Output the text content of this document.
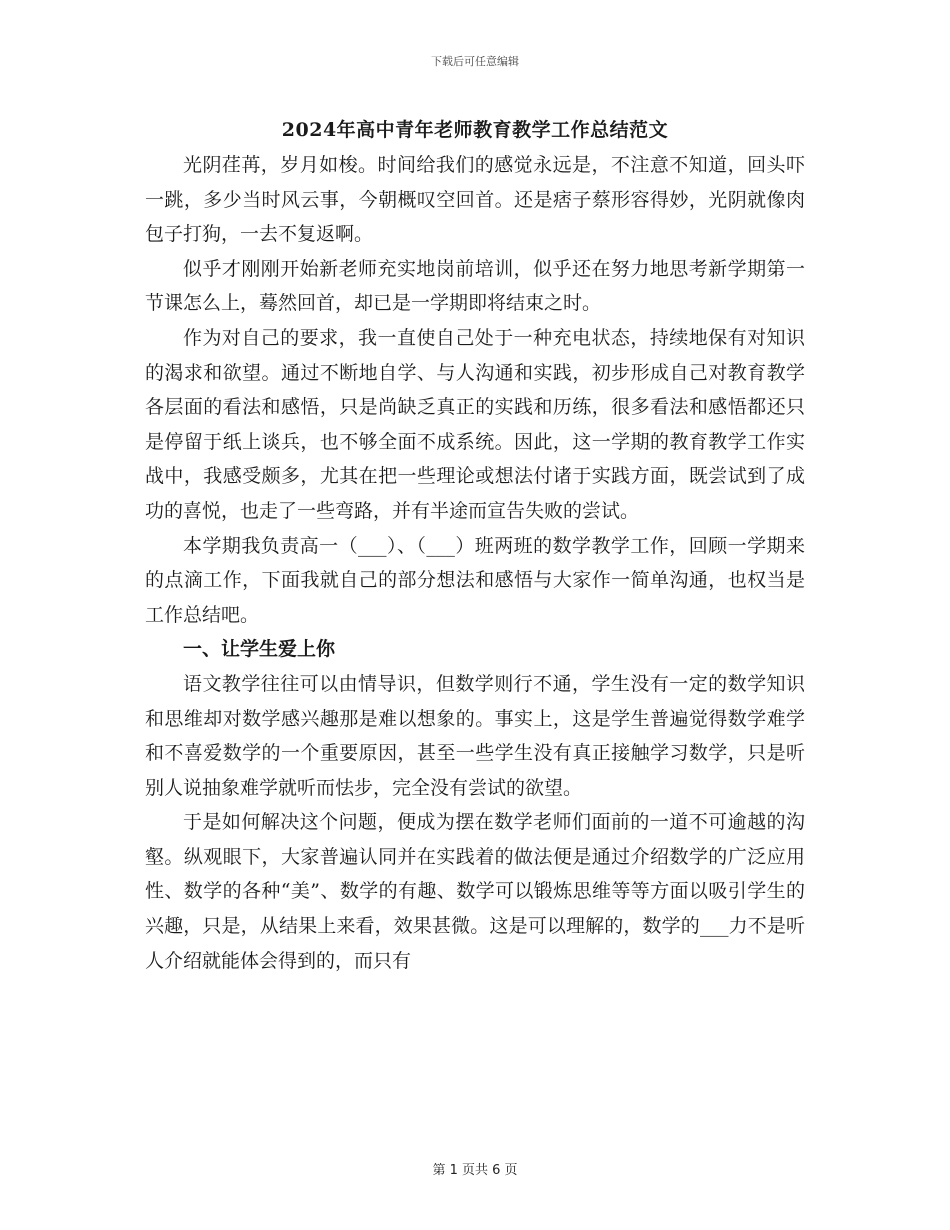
下载后可任意编辑
2024年高中青年老师教育教学工作总结范文

光阴荏苒，岁月如梭。时间给我们的感觉永远是，不注意不知道，回头吓一跳，多少当时风云事，今朝概叹空回首。还是痞子蔡形容得妙，光阴就像肉包子打狗，一去不复返啊。

似乎才刚刚开始新老师充实地岗前培训，似乎还在努力地思考新学期第一节课怎么上，蓦然回首，却已是一学期即将结束之时。

作为对自己的要求，我一直使自己处于一种充电状态，持续地保有对知识的渴求和欲望。通过不断地自学、与人沟通和实践，初步形成自己对教育教学各层面的看法和感悟，只是尚缺乏真正的实践和历练，很多看法和感悟都还只是停留于纸上谈兵，也不够全面不成系统。因此，这一学期的教育教学工作实战中，我感受颇多，尤其在把一些理论或想法付诸于实践方面，既尝试到了成功的喜悦，也走了一些弯路，并有半途而宣告失败的尝试。

本学期我负责高一（___）、（___）班两班的数学教学工作，回顾一学期来的点滴工作，下面我就自己的部分想法和感悟与大家作一简单沟通，也权当是工作总结吧。

一、让学生爱上你

语文教学往往可以由情导识，但数学则行不通，学生没有一定的数学知识和思维却对数学感兴趣那是难以想象的。事实上，这是学生普遍觉得数学难学和不喜爱数学的一个重要原因，甚至一些学生没有真正接触学习数学，只是听别人说抽象难学就听而怯步，完全没有尝试的欲望。

于是如何解决这个问题，便成为摆在数学老师们面前的一道不可逾越的沟壑。纵观眼下，大家普遍认同并在实践着的做法便是通过介绍数学的广泛应用性、数学的各种“美”、数学的有趣、数学可以锻炼思维等等方面以吸引学生的兴趣，只是，从结果上来看，效果甚微。这是可以理解的，数学的___力不是听人介绍就能体会得到的，而只有

第 1 页共 6 页
